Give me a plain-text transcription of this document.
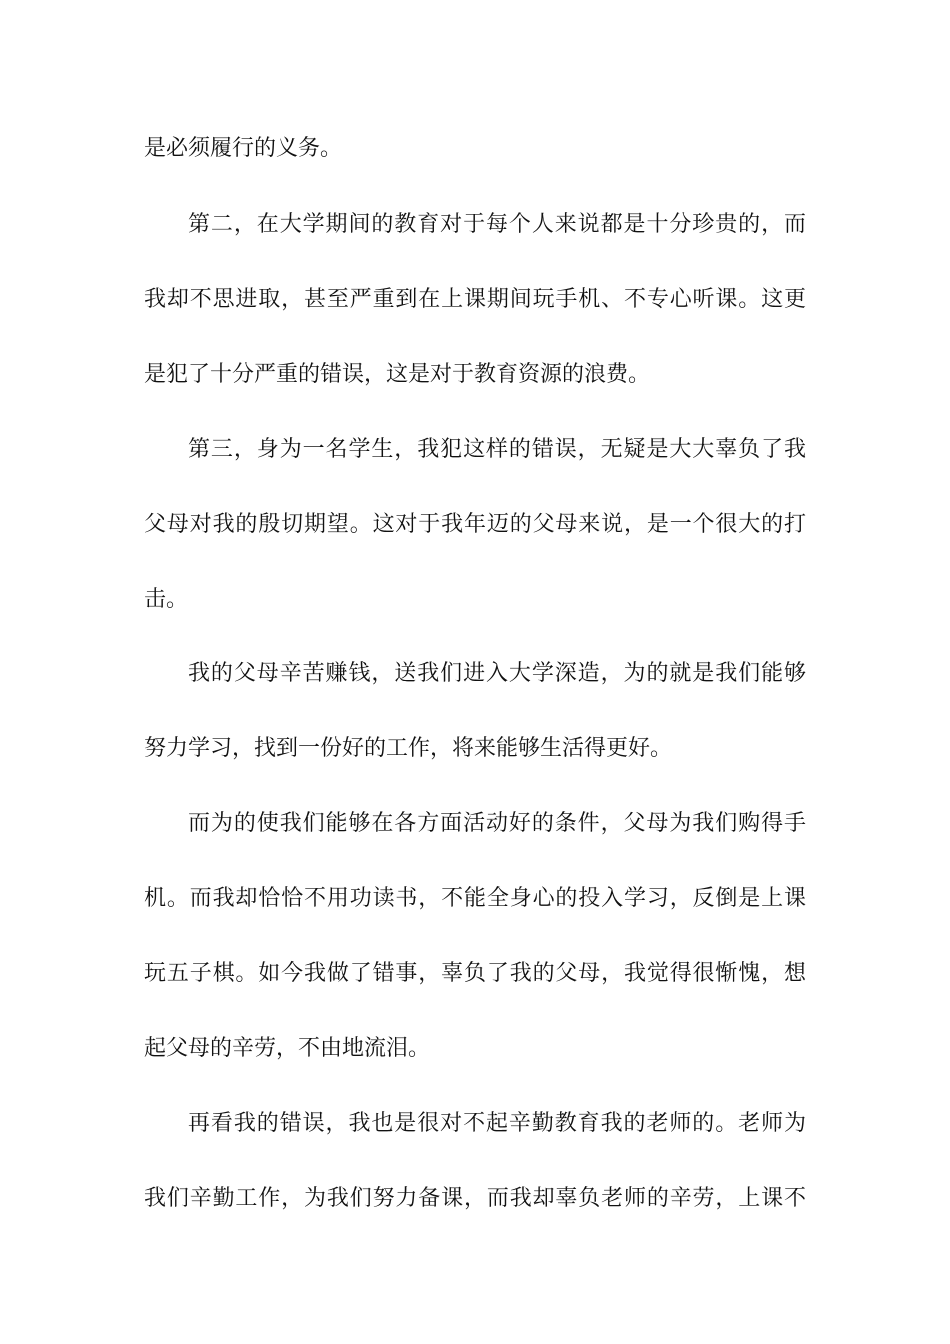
是必须履行的义务。
第二，在大学期间的教育对于每个人来说都是十分珍贵的，而
我却不思进取，甚至严重到在上课期间玩手机、不专心听课。这更
是犯了十分严重的错误，这是对于教育资源的浪费。
第三，身为一名学生，我犯这样的错误，无疑是大大辜负了我
父母对我的殷切期望。这对于我年迈的父母来说，是一个很大的打
击。
我的父母辛苦赚钱，送我们进入大学深造，为的就是我们能够
努力学习，找到一份好的工作，将来能够生活得更好。
而为的使我们能够在各方面活动好的条件，父母为我们购得手
机。而我却恰恰不用功读书，不能全身心的投入学习，反倒是上课
玩五子棋。如今我做了错事，辜负了我的父母，我觉得很惭愧，想
起父母的辛劳，不由地流泪。
再看我的错误，我也是很对不起辛勤教育我的老师的。老师为
我们辛勤工作，为我们努力备课，而我却辜负老师的辛劳，上课不
